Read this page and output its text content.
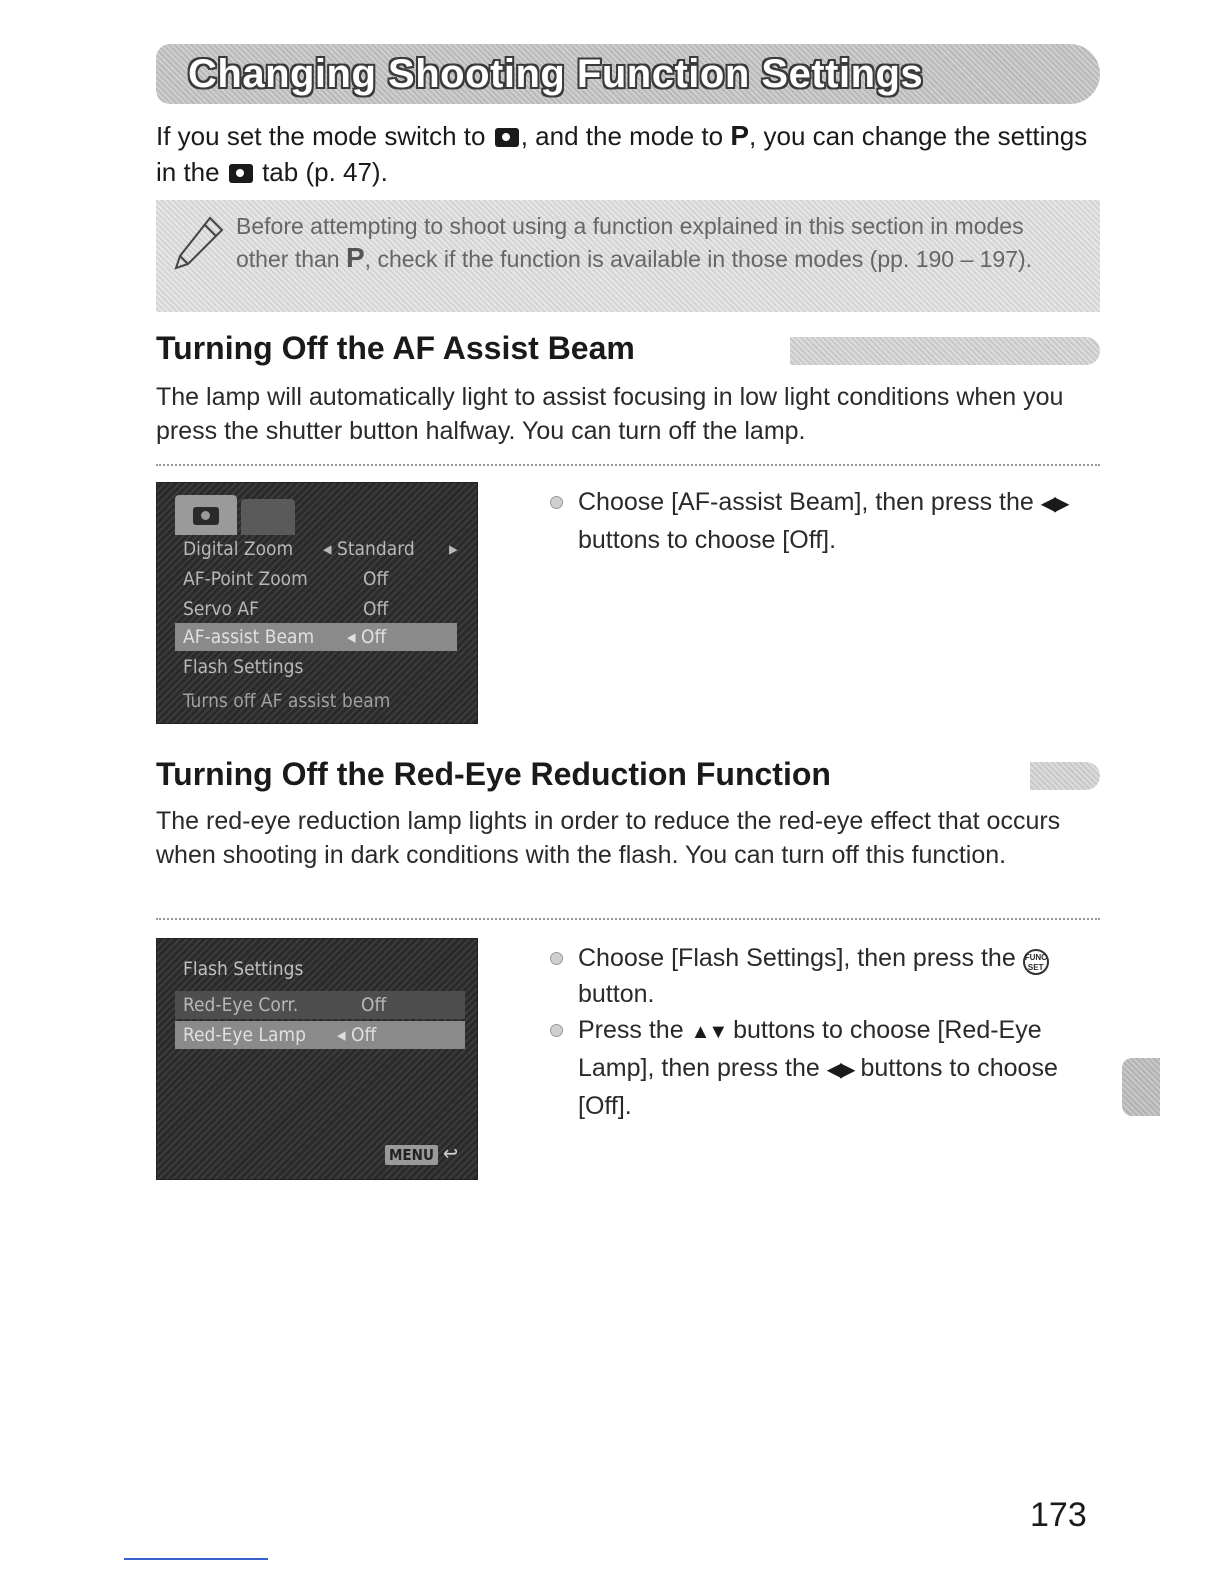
Changing Shooting Function Settings
If you set the mode switch to , and the mode to P, you can change the settings in the tab (p. 47).
Before attempting to shoot using a function explained in this section in modes other than P, check if the function is available in those modes (pp. 190 – 197).
Turning Off the AF Assist Beam
The lamp will automatically light to assist focusing in low light conditions when you press the shutter button halfway. You can turn off the lamp.
Digital Zoom ◂ Standard ▸
AF-Point Zoom	Off
Servo AF	Off
AF-assist Beam ◂ Off
Flash Settings
Turns off AF assist beam
Choose [AF-assist Beam], then press the ◀▶ buttons to choose [Off].
Turning Off the Red-Eye Reduction Function
The red-eye reduction lamp lights in order to reduce the red-eye effect that occurs when shooting in dark conditions with the flash. You can turn off this function.
Flash Settings
Red-Eye Corr.	Off
Red-Eye Lamp ◂ Off
MENU ↩
Choose [Flash Settings], then press the FUNC
SET button.
Press the ▲▼ buttons to choose [Red-Eye Lamp], then press the ◀▶ buttons to choose [Off].
173
